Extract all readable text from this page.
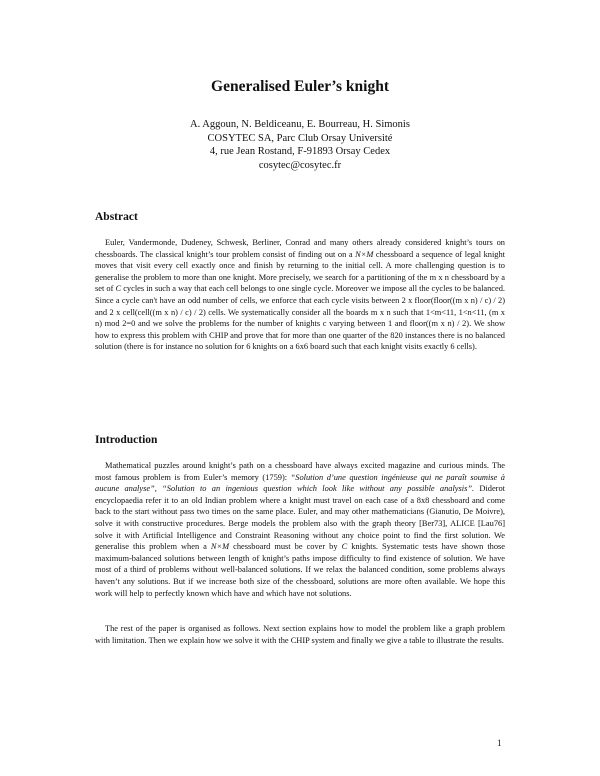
Generalised Euler’s knight
A. Aggoun, N. Beldiceanu, E. Bourreau, H. Simonis
COSYTEC SA, Parc Club Orsay Université
4, rue Jean Rostand, F-91893 Orsay Cedex
cosytec@cosytec.fr
Abstract

Euler, Vandermonde, Dudeney, Schwesk, Berliner, Conrad and many others already considered knight’s tours on chessboards. The classical knight’s tour problem consist of finding out on a N×M chessboard a sequence of legal knight moves that visit every cell exactly once and finish by returning to the initial cell. A more challenging question is to generalise the problem to more than one knight. More precisely, we search for a partitioning of the m x n chessboard by a set of C cycles in such a way that each cell belongs to one single cycle. Moreover we impose all the cycles to be balanced. Since a cycle can't have an odd number of cells, we enforce that each cycle visits between 2 x floor(floor((m x n) / c) / 2) and 2 x cell(cell((m x n) / c) / 2) cells. We systematically consider all the boards m x n such that 1<m<11, 1<n<11, (m x n) mod 2=0 and we solve the problems for the number of knights c varying between 1 and floor((m x n) / 2). We show how to express this problem with CHIP and prove that for more than one quarter of the 820 instances there is no balanced solution (there is for instance no solution for 6 knights on a 6x6 board such that each knight visits exactly 6 cells).

Introduction

Mathematical puzzles around knight’s path on a chessboard have always excited magazine and curious minds. The most famous problem is from Euler’s memory (1759): “Solution d’une question ingénieuse qui ne paraît soumise à aucune analyse”, “Solution to an ingenious question which look like without any possible analysis”. Diderot encyclopaedia refer it to an old Indian problem where a knight must travel on each case of a 8x8 chessboard and come back to the start without pass two times on the same place. Euler, and may other mathematicians (Gianutio, De Moivre), solve it with constructive procedures. Berge models the problem also with the graph theory [Ber73], ALICE [Lau76] solve it with Artificial Intelligence and Constraint Reasoning without any choice point to find the first solution. We generalise this problem when a N×M chessboard must be cover by C knights. Systematic tests have shown those maximum-balanced solutions between length of knight’s paths impose difficulty to find existence of solution. We have most of a third of problems without well-balanced solutions. If we relax the balanced condition, some problems always haven’t any solutions. But if we increase both size of the chessboard, solutions are more often available. We hope this work will help to perfectly known which have and which have not solutions.

The rest of the paper is organised as follows. Next section explains how to model the problem like a graph problem with limitation. Then we explain how we solve it with the CHIP system and finally we give a table to illustrate the results.

1
